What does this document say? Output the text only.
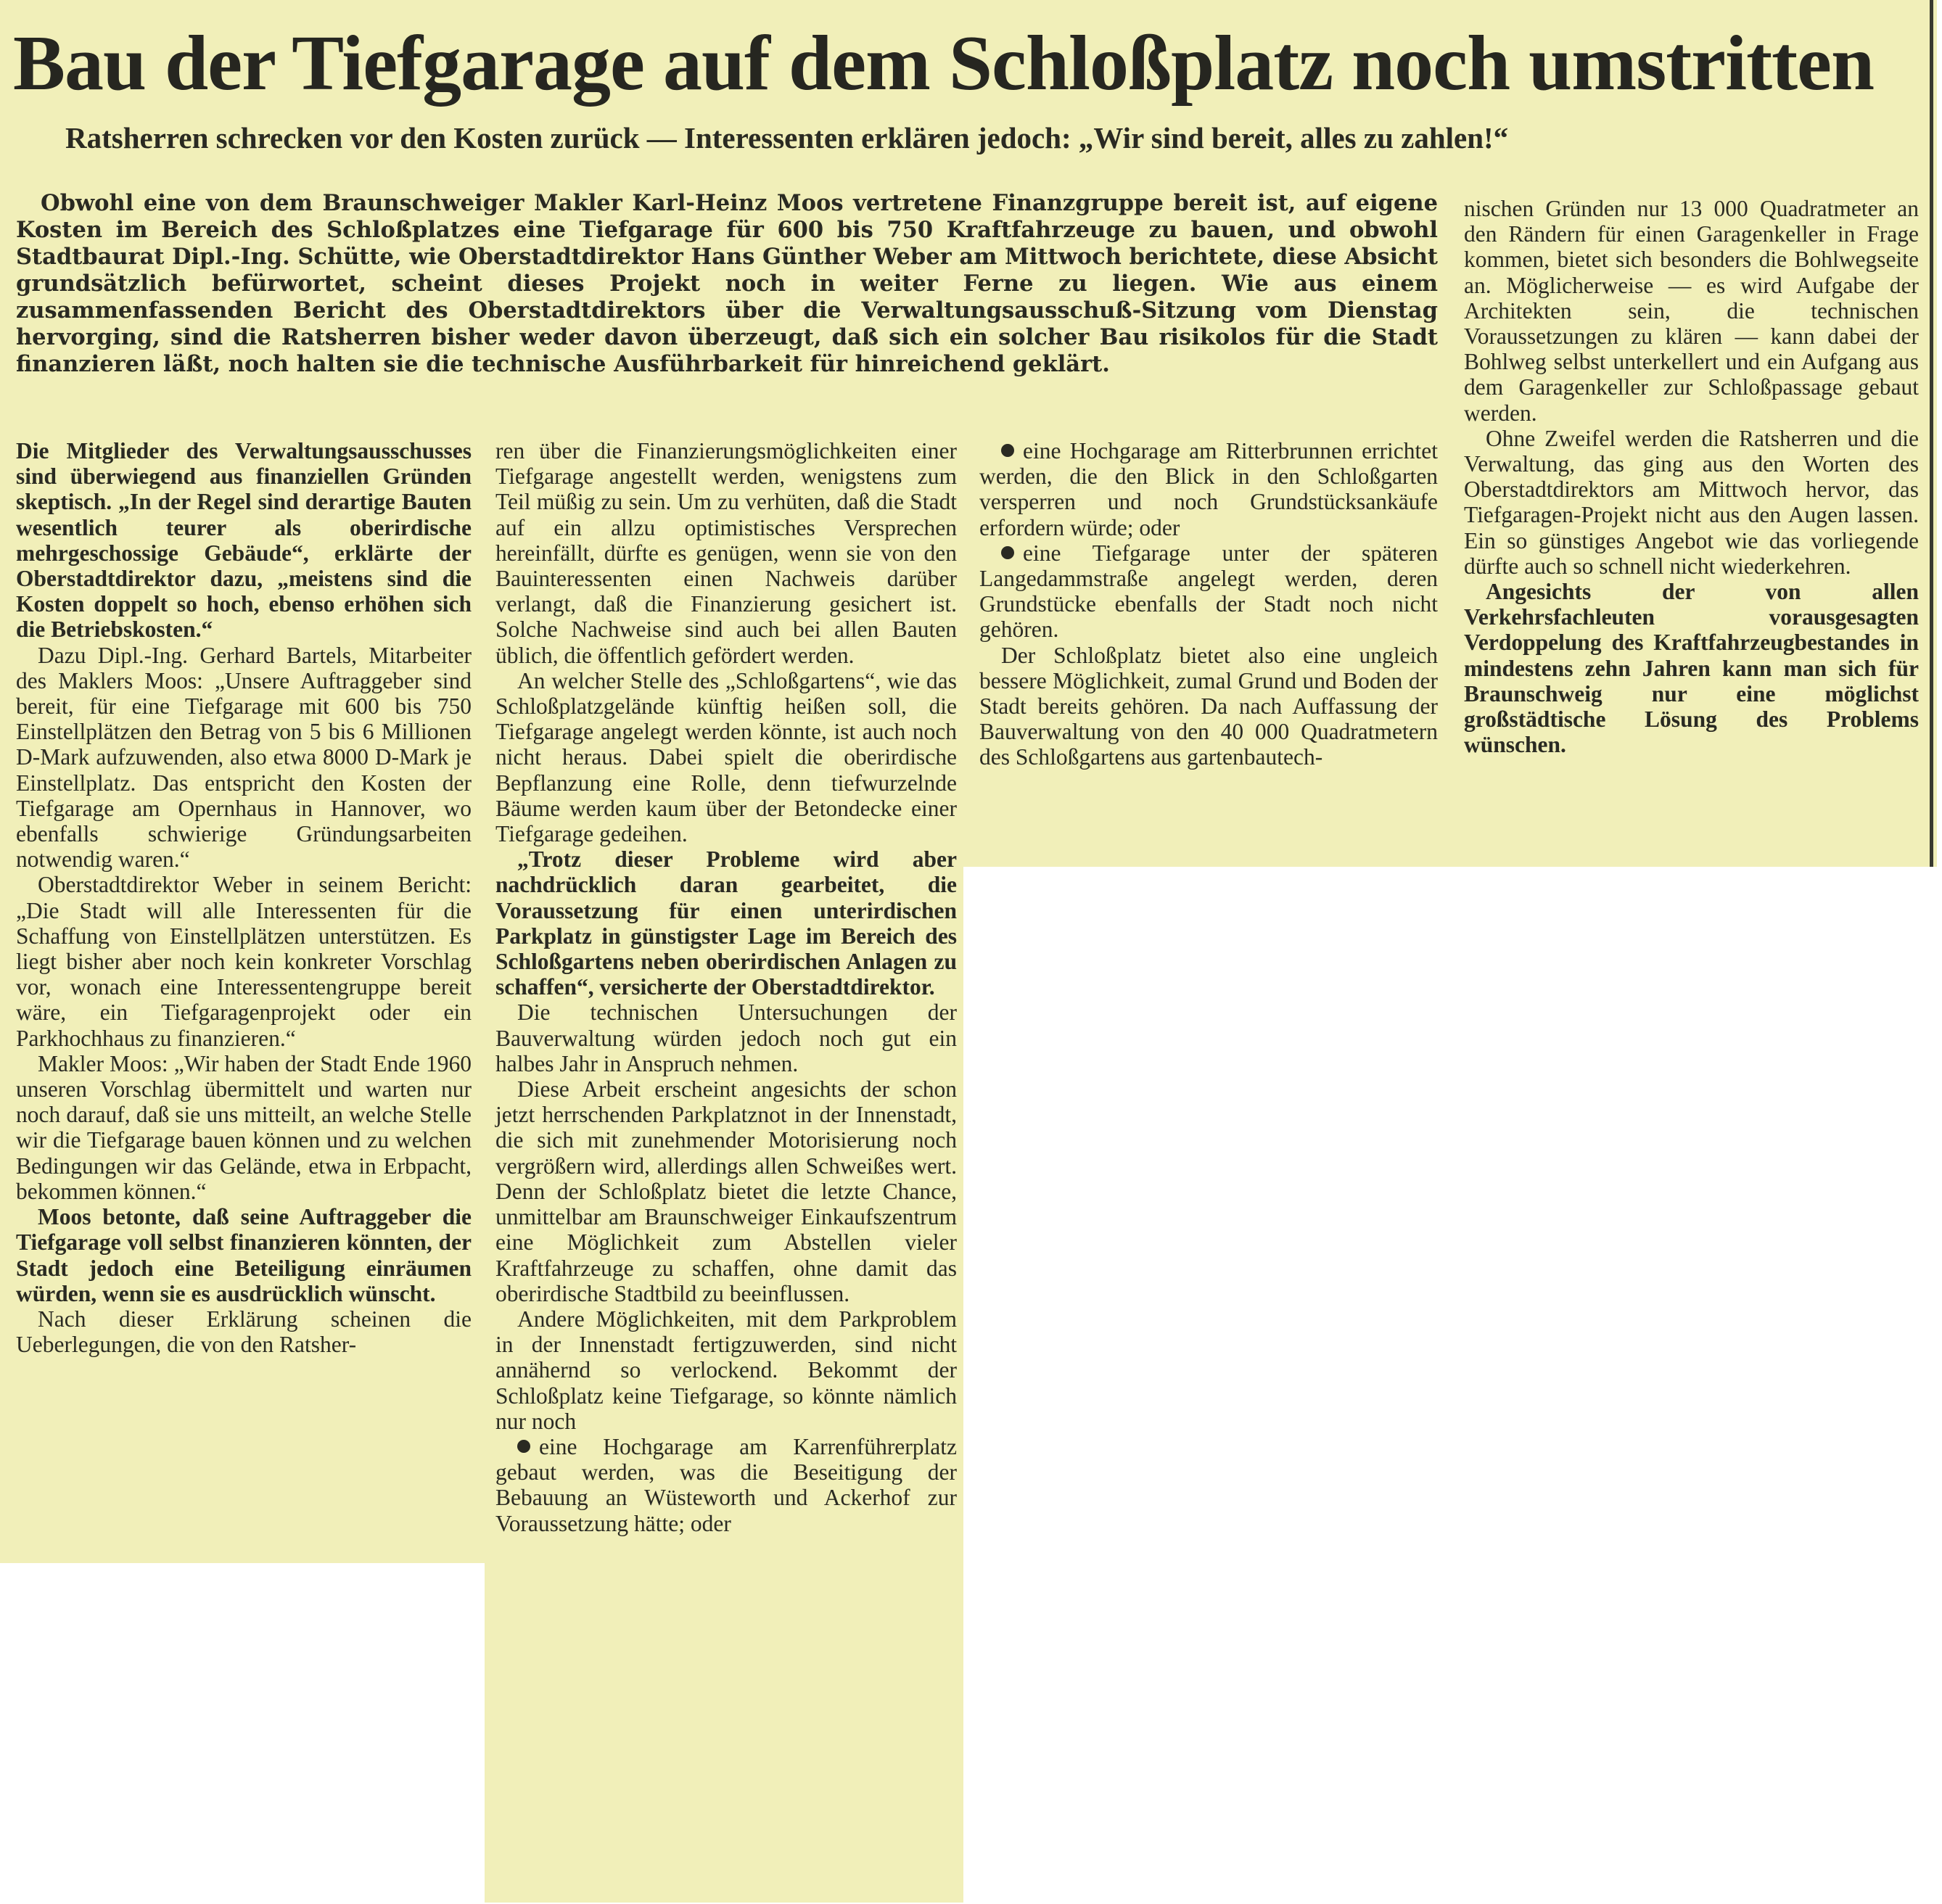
Bau der Tiefgarage auf dem Schloßplatz noch umstritten
Ratsherren schrecken vor den Kosten zurück — Interessenten erklären jedoch: „Wir sind bereit, alles zu zahlen!“

Obwohl eine von dem Braunschweiger Makler Karl-Heinz Moos vertretene Finanzgruppe bereit ist, auf eigene Kosten im Bereich des Schloßplatzes eine Tiefgarage für 600 bis 750 Kraftfahrzeuge zu bauen, und obwohl Stadtbaurat Dipl.-Ing. Schütte, wie Oberstadtdirektor Hans Günther Weber am Mittwoch berichtete, diese Absicht grundsätzlich befürwortet, scheint dieses Projekt noch in weiter Ferne zu liegen. Wie aus einem zusammenfassenden Bericht des Oberstadtdirektors über die Verwaltungsausschuß-Sitzung vom Dienstag hervorging, sind die Ratsherren bisher weder davon überzeugt, daß sich ein solcher Bau risikolos für die Stadt finanzieren läßt, noch halten sie die technische Ausführbarkeit für hinreichend geklärt.

Die Mitglieder des Verwaltungsausschusses sind überwiegend aus finanziellen Gründen skeptisch. „In der Regel sind derartige Bauten wesentlich teurer als oberirdische mehrgeschossige Gebäude“, erklärte der Oberstadtdirektor dazu, „meistens sind die Kosten doppelt so hoch, ebenso erhöhen sich die Betriebskosten.“

Dazu Dipl.-Ing. Gerhard Bartels, Mitarbeiter des Maklers Moos: „Unsere Auftraggeber sind bereit, für eine Tiefgarage mit 600 bis 750 Einstellplätzen den Betrag von 5 bis 6 Millionen D-Mark aufzuwenden, also etwa 8000 D-Mark je Einstellplatz. Das entspricht den Kosten der Tiefgarage am Opernhaus in Hannover, wo ebenfalls schwierige Gründungsarbeiten notwendig waren.“

Oberstadtdirektor Weber in seinem Bericht: „Die Stadt will alle Interessenten für die Schaffung von Einstellplätzen unterstützen. Es liegt bisher aber noch kein konkreter Vorschlag vor, wonach eine Interessentengruppe bereit wäre, ein Tiefgaragenprojekt oder ein Parkhochhaus zu finanzieren.“

Makler Moos: „Wir haben der Stadt Ende 1960 unseren Vorschlag übermittelt und warten nur noch darauf, daß sie uns mitteilt, an welche Stelle wir die Tiefgarage bauen können und zu welchen Bedingungen wir das Gelände, etwa in Erbpacht, bekommen können.“

Moos betonte, daß seine Auftraggeber die Tiefgarage voll selbst finanzieren könnten, der Stadt jedoch eine Beteiligung einräumen würden, wenn sie es ausdrücklich wünscht.

Nach dieser Erklärung scheinen die Ueberlegungen, die von den Ratsher-

ren über die Finanzierungsmöglichkeiten einer Tiefgarage angestellt werden, wenigstens zum Teil müßig zu sein. Um zu verhüten, daß die Stadt auf ein allzu optimistisches Versprechen hereinfällt, dürfte es genügen, wenn sie von den Bauinteressenten einen Nachweis darüber verlangt, daß die Finanzierung gesichert ist. Solche Nachweise sind auch bei allen Bauten üblich, die öffentlich gefördert werden.

An welcher Stelle des „Schloßgartens“, wie das Schloßplatzgelände künftig heißen soll, die Tiefgarage angelegt werden könnte, ist auch noch nicht heraus. Dabei spielt die oberirdische Bepflanzung eine Rolle, denn tiefwurzelnde Bäume werden kaum über der Betondecke einer Tiefgarage gedeihen.

„Trotz dieser Probleme wird aber nachdrücklich daran gearbeitet, die Voraussetzung für einen unterirdischen Parkplatz in günstigster Lage im Bereich des Schloßgartens neben oberirdischen Anlagen zu schaffen“, versicherte der Oberstadtdirektor.

Die technischen Untersuchungen der Bauverwaltung würden jedoch noch gut ein halbes Jahr in Anspruch nehmen.

Diese Arbeit erscheint angesichts der schon jetzt herrschenden Parkplatznot in der Innenstadt, die sich mit zunehmender Motorisierung noch vergrößern wird, allerdings allen Schweißes wert. Denn der Schloßplatz bietet die letzte Chance, unmittelbar am Braunschweiger Einkaufszentrum eine Möglichkeit zum Abstellen vieler Kraftfahrzeuge zu schaffen, ohne damit das oberirdische Stadtbild zu beeinflussen.

Andere Möglichkeiten, mit dem Parkproblem in der Innenstadt fertigzuwerden, sind nicht annähernd so verlockend. Bekommt der Schloßplatz keine Tiefgarage, so könnte nämlich nur noch

eine Hochgarage am Karrenführerplatz gebaut werden, was die Beseitigung der Bebauung an Wüsteworth und Ackerhof zur Voraussetzung hätte; oder

eine Hochgarage am Ritterbrunnen errichtet werden, die den Blick in den Schloßgarten versperren und noch Grundstücksankäufe erfordern würde; oder

eine Tiefgarage unter der späteren Langedammstraße angelegt werden, deren Grundstücke ebenfalls der Stadt noch nicht gehören.

Der Schloßplatz bietet also eine ungleich bessere Möglichkeit, zumal Grund und Boden der Stadt bereits gehören. Da nach Auffassung der Bauverwaltung von den 40 000 Quadratmetern des Schloßgartens aus gartenbautech-

nischen Gründen nur 13 000 Quadratmeter an den Rändern für einen Garagenkeller in Frage kommen, bietet sich besonders die Bohlwegseite an. Möglicherweise — es wird Aufgabe der Architekten sein, die technischen Voraussetzungen zu klären — kann dabei der Bohlweg selbst unterkellert und ein Aufgang aus dem Garagenkeller zur Schloßpassage gebaut werden.

Ohne Zweifel werden die Ratsherren und die Verwaltung, das ging aus den Worten des Oberstadtdirektors am Mittwoch hervor, das Tiefgaragen-Projekt nicht aus den Augen lassen. Ein so günstiges Angebot wie das vorliegende dürfte auch so schnell nicht wiederkehren.

Angesichts der von allen Verkehrsfachleuten vorausgesagten Verdoppelung des Kraftfahrzeugbestandes in mindestens zehn Jahren kann man sich für Braunschweig nur eine möglichst großstädtische Lösung des Problems wünschen.
